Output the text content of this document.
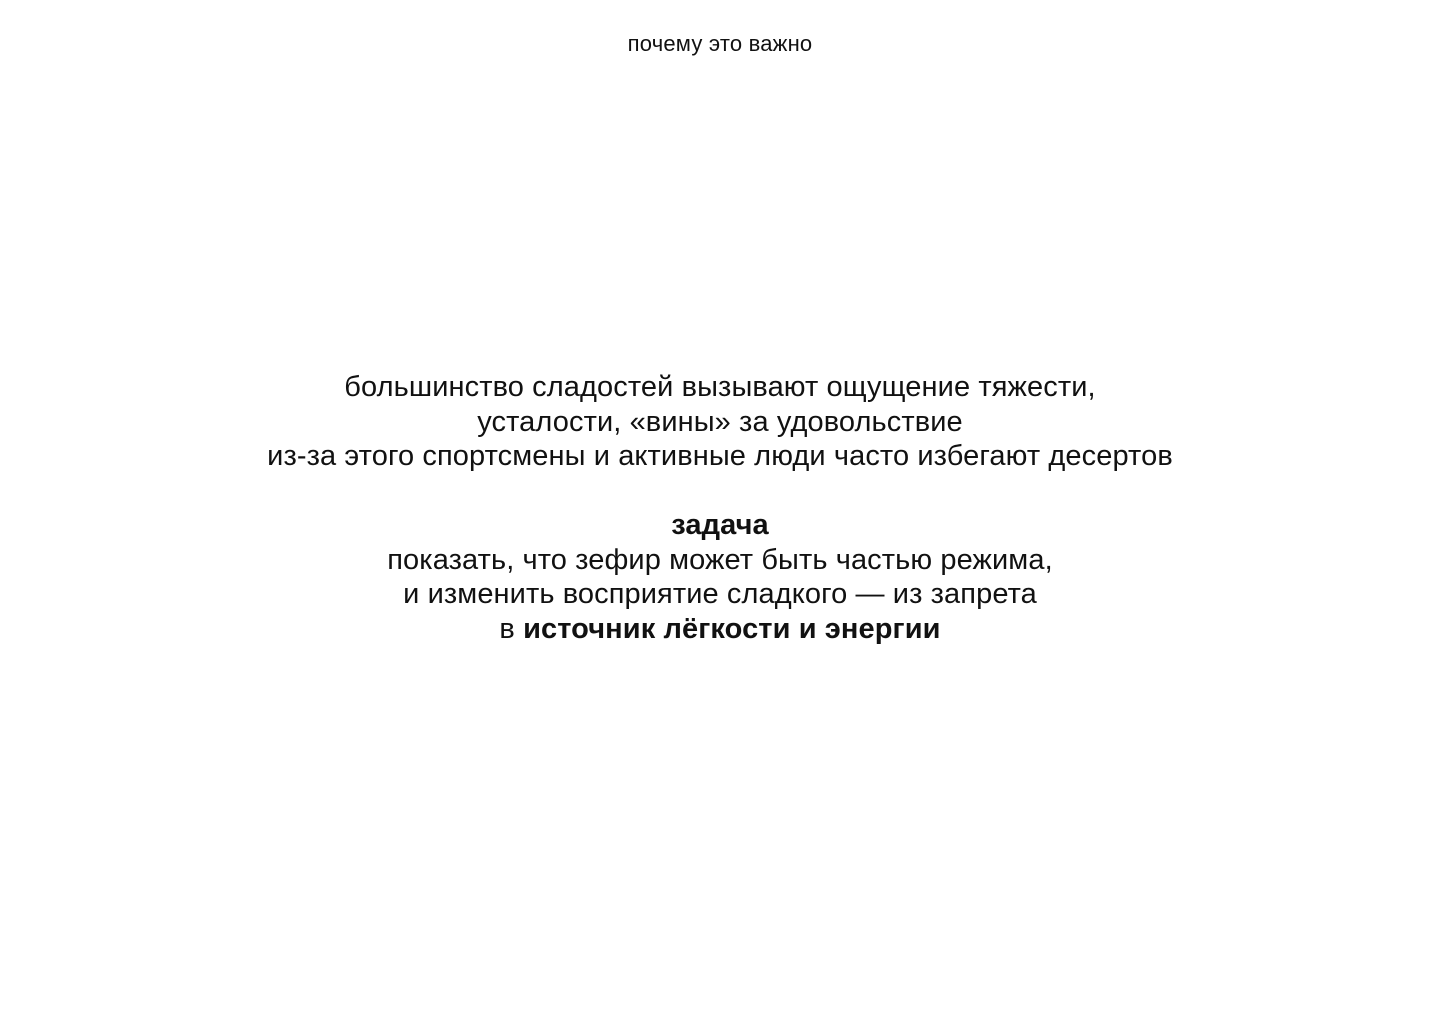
почему это важно
большинство сладостей вызывают ощущение тяжести,
усталости, «вины» за удовольствие
из-за этого спортсмены и активные люди часто избегают десертов
задача
показать, что зефир может быть частью режима,
и изменить восприятие сладкого — из запрета
в источник лёгкости и энергии
